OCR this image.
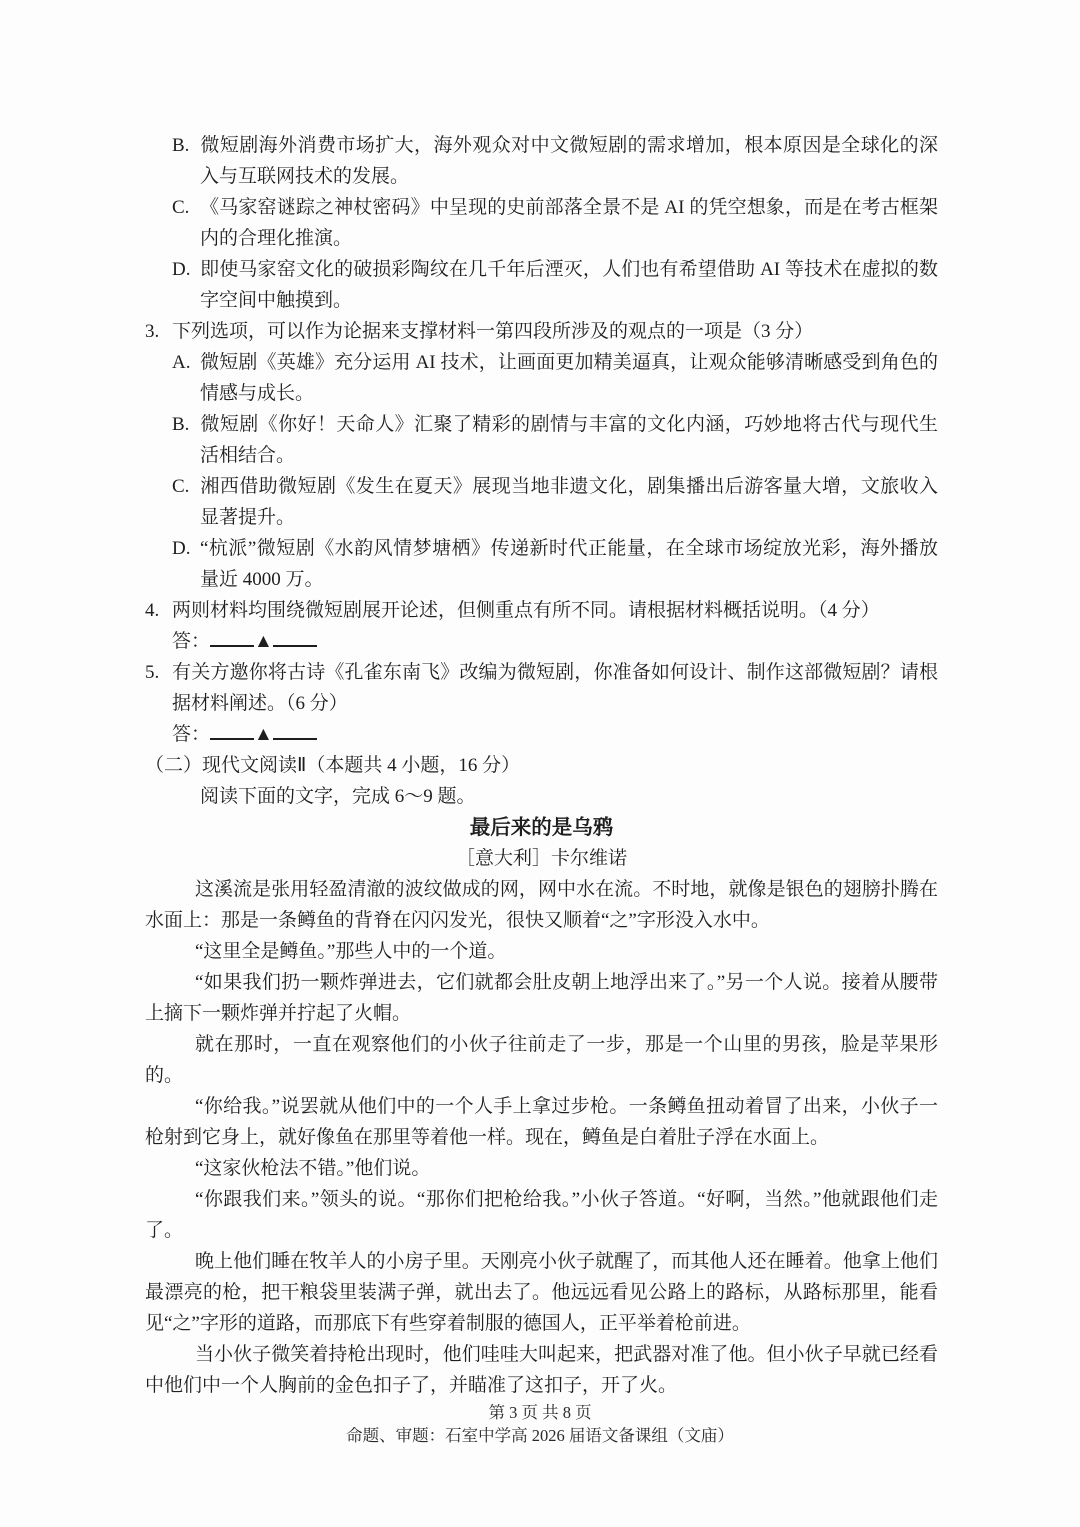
B. 微短剧海外消费市场扩大，海外观众对中文微短剧的需求增加，根本原因是全球化的深入与互联网技术的发展。
C. 《马家窑谜踪之神杖密码》中呈现的史前部落全景不是 AI 的凭空想象，而是在考古框架内的合理化推演。
D. 即使马家窑文化的破损彩陶纹在几千年后湮灭，人们也有希望借助 AI 等技术在虚拟的数字空间中触摸到。
3. 下列选项，可以作为论据来支撑材料一第四段所涉及的观点的一项是（3 分）
A. 微短剧《英雄》充分运用 AI 技术，让画面更加精美逼真，让观众能够清晰感受到角色的情感与成长。
B. 微短剧《你好！天命人》汇聚了精彩的剧情与丰富的文化内涵，巧妙地将古代与现代生活相结合。
C. 湘西借助微短剧《发生在夏天》展现当地非遗文化，剧集播出后游客量大增，文旅收入显著提升。
D. “杭派”微短剧《水韵风情梦塘栖》传递新时代正能量，在全球市场绽放光彩，海外播放量近 4000 万。
4. 两则材料均围绕微短剧展开论述，但侧重点有所不同。请根据材料概括说明。（4 分）
答： ▲
5. 有关方邀你将古诗《孔雀东南飞》改编为微短剧，你准备如何设计、制作这部微短剧？请根据材料阐述。（6 分）
答： ▲
（二）现代文阅读Ⅱ（本题共 4 小题，16 分）
阅读下面的文字，完成 6～9 题。
最后来的是乌鸦
［意大利］卡尔维诺
这溪流是张用轻盈清澈的波纹做成的网，网中水在流。不时地，就像是银色的翅膀扑腾在水面上：那是一条鳟鱼的背脊在闪闪发光，很快又顺着“之”字形没入水中。
“这里全是鳟鱼。”那些人中的一个道。
“如果我们扔一颗炸弹进去，它们就都会肚皮朝上地浮出来了。”另一个人说。接着从腰带上摘下一颗炸弹并拧起了火帽。
就在那时，一直在观察他们的小伙子往前走了一步，那是一个山里的男孩，脸是苹果形的。
“你给我。”说罢就从他们中的一个人手上拿过步枪。一条鳟鱼扭动着冒了出来，小伙子一枪射到它身上，就好像鱼在那里等着他一样。现在，鳟鱼是白着肚子浮在水面上。
“这家伙枪法不错。”他们说。
“你跟我们来。”领头的说。“那你们把枪给我。”小伙子答道。“好啊，当然。”他就跟他们走了。
晚上他们睡在牧羊人的小房子里。天刚亮小伙子就醒了，而其他人还在睡着。他拿上他们最漂亮的枪，把干粮袋里装满子弹，就出去了。他远远看见公路上的路标，从路标那里，能看见“之”字形的道路，而那底下有些穿着制服的德国人，正平举着枪前进。
当小伙子微笑着持枪出现时，他们哇哇大叫起来，把武器对准了他。但小伙子早就已经看中他们中一个人胸前的金色扣子了，并瞄准了这扣子，开了火。
第 3 页 共 8 页
命题、审题：石室中学高 2026 届语文备课组（文庙）
